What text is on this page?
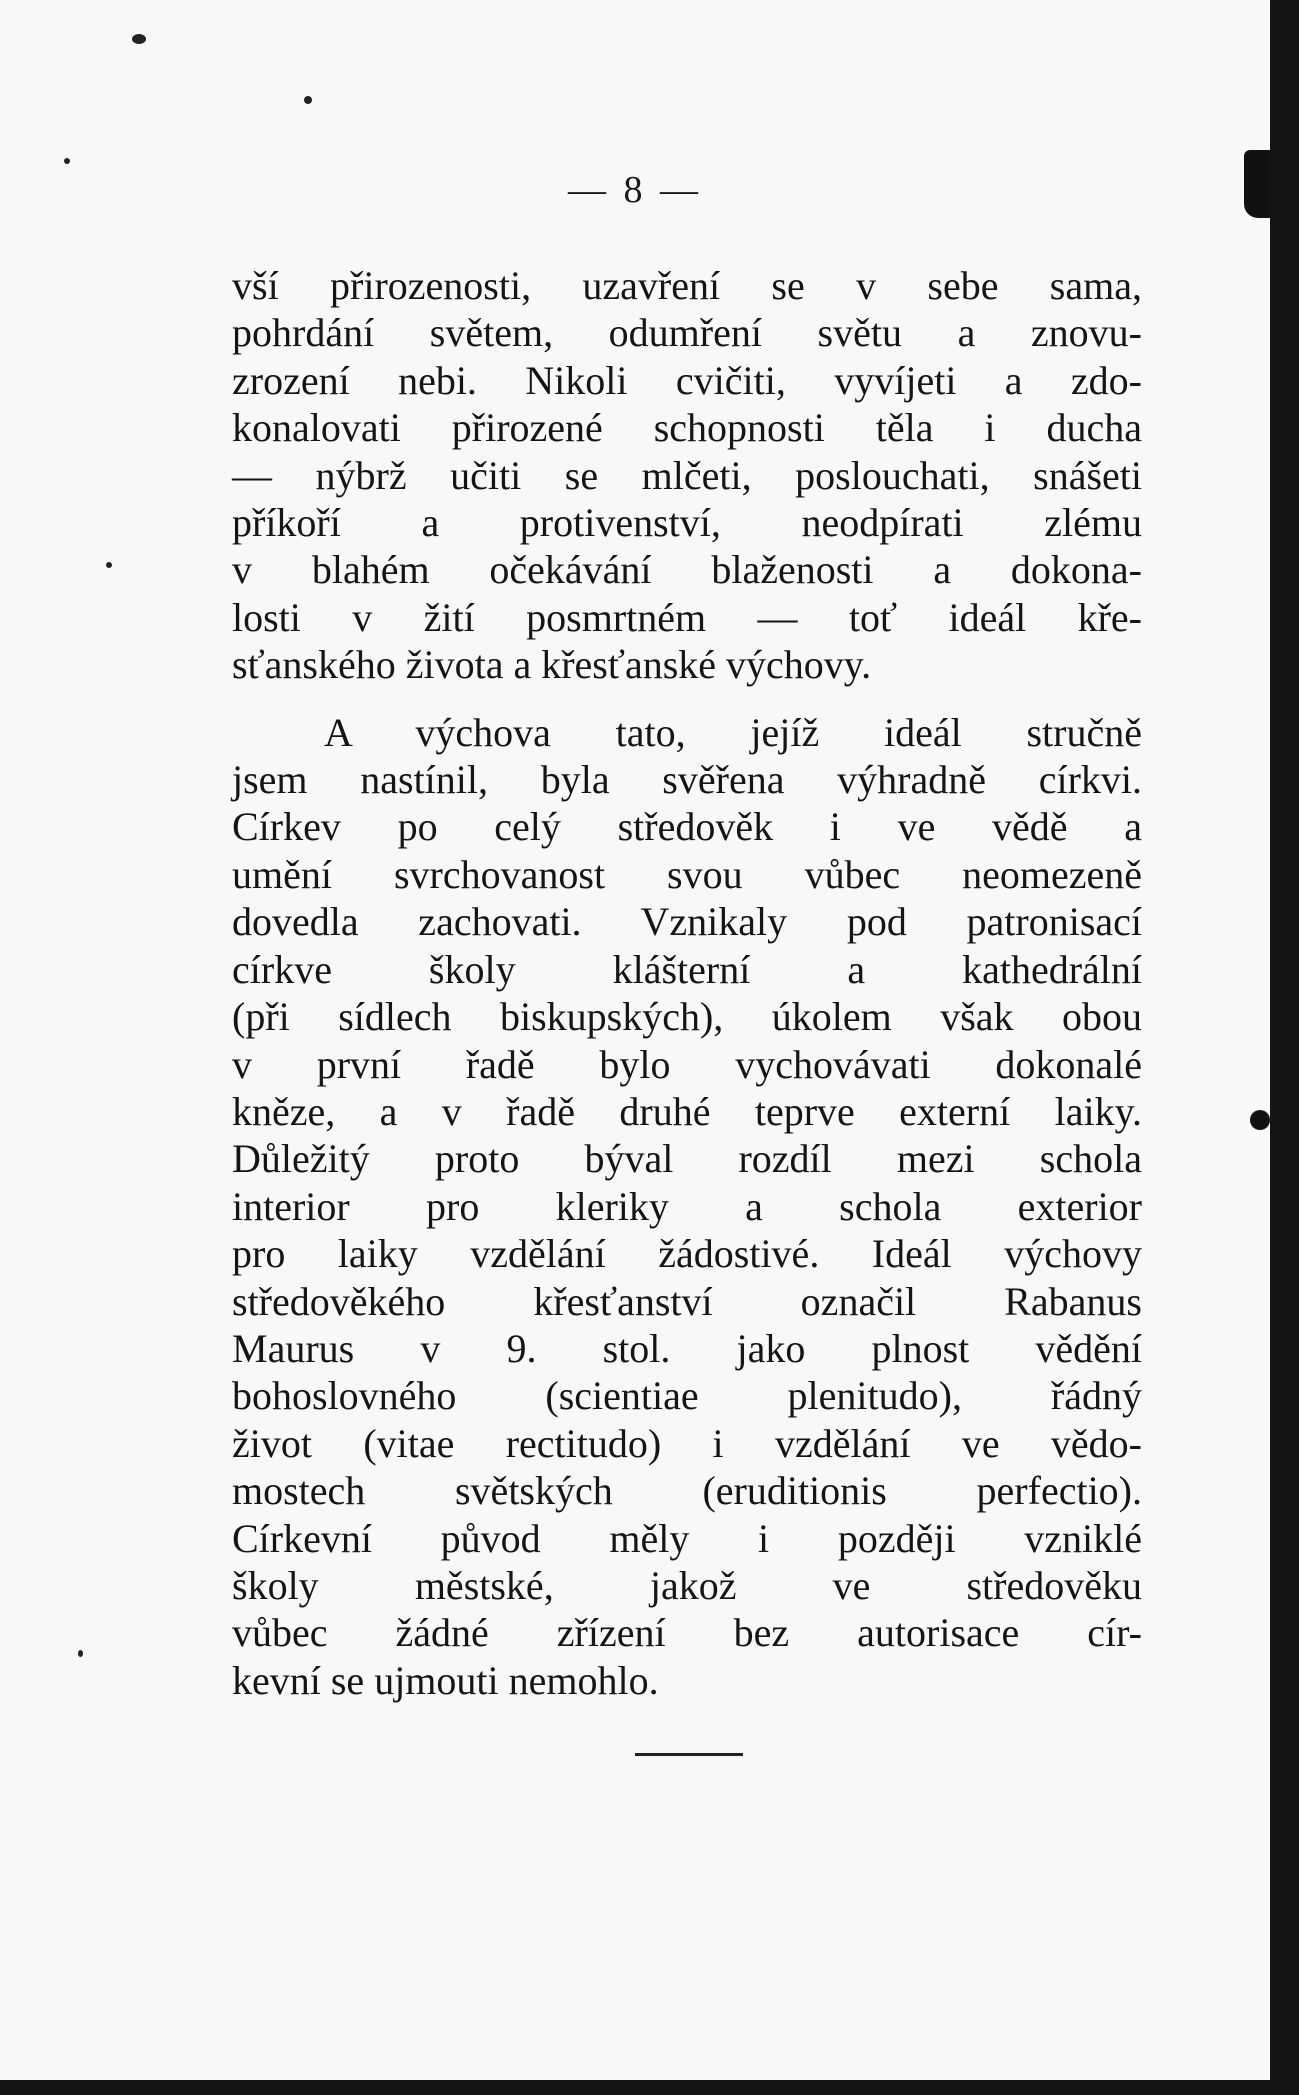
— 8 —

vší přirozenosti, uzavření se v sebe sama,
pohrdání světem, odumření světu a znovu-
zrození nebi. Nikoli cvičiti, vyvíjeti a zdo-
konalovati přirozené schopnosti těla i ducha
— nýbrž učiti se mlčeti, poslouchati, snášeti
příkoří a protivenství, neodpírati zlému
v blahém očekávání blaženosti a dokona-
losti v žití posmrtném — toť ideál kře-
sťanského života a křesťanské výchovy.

A výchova tato, jejíž ideál stručně
jsem nastínil, byla svěřena výhradně církvi.
Církev po celý středověk i ve vědě a
umění svrchovanost svou vůbec neomezeně
dovedla zachovati. Vznikaly pod patronisací
církve školy klášterní a kathedrální
(při sídlech biskupských), úkolem však obou
v první řadě bylo vychovávati dokonalé
kněze, a v řadě druhé teprve externí laiky.
Důležitý proto býval rozdíl mezi schola
interior pro kleriky a schola exterior
pro laiky vzdělání žádostivé. Ideál výchovy
středověkého křesťanství označil Rabanus
Maurus v 9. stol. jako plnost vědění
bohoslovného (scientiae plenitudo), řádný
život (vitae rectitudo) i vzdělání ve vědo-
mostech světských (eruditionis perfectio).
Církevní původ měly i později vzniklé
školy městské, jakož ve středověku
vůbec žádné zřízení bez autorisace cír-
kevní se ujmouti nemohlo.
